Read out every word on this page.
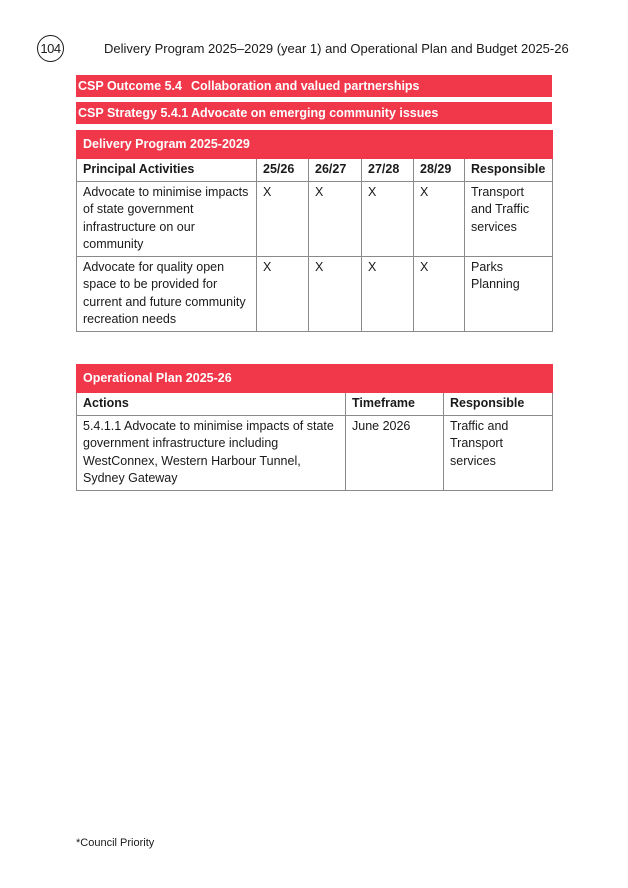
104	Delivery Program 2025–2029 (year 1) and Operational Plan and Budget 2025-26
CSP Outcome 5.4 Collaboration and valued partnerships
CSP Strategy 5.4.1 Advocate on emerging community issues
Delivery Program 2025-2029					
Principal Activities	25/26	26/27	27/28	28/29	Responsible
Advocate to minimise impacts of state government infrastructure on our community	X	X	X	X	Transport and Traffic services
Advocate for quality open space to be provided for current and future community recreation needs	X	X	X	X	Parks Planning
Operational Plan 2025-26		
Actions	Timeframe	Responsible
5.4.1.1 Advocate to minimise impacts of state government infrastructure including WestConnex, Western Harbour Tunnel, Sydney Gateway	June 2026	Traffic and Transport services
*Council Priority
